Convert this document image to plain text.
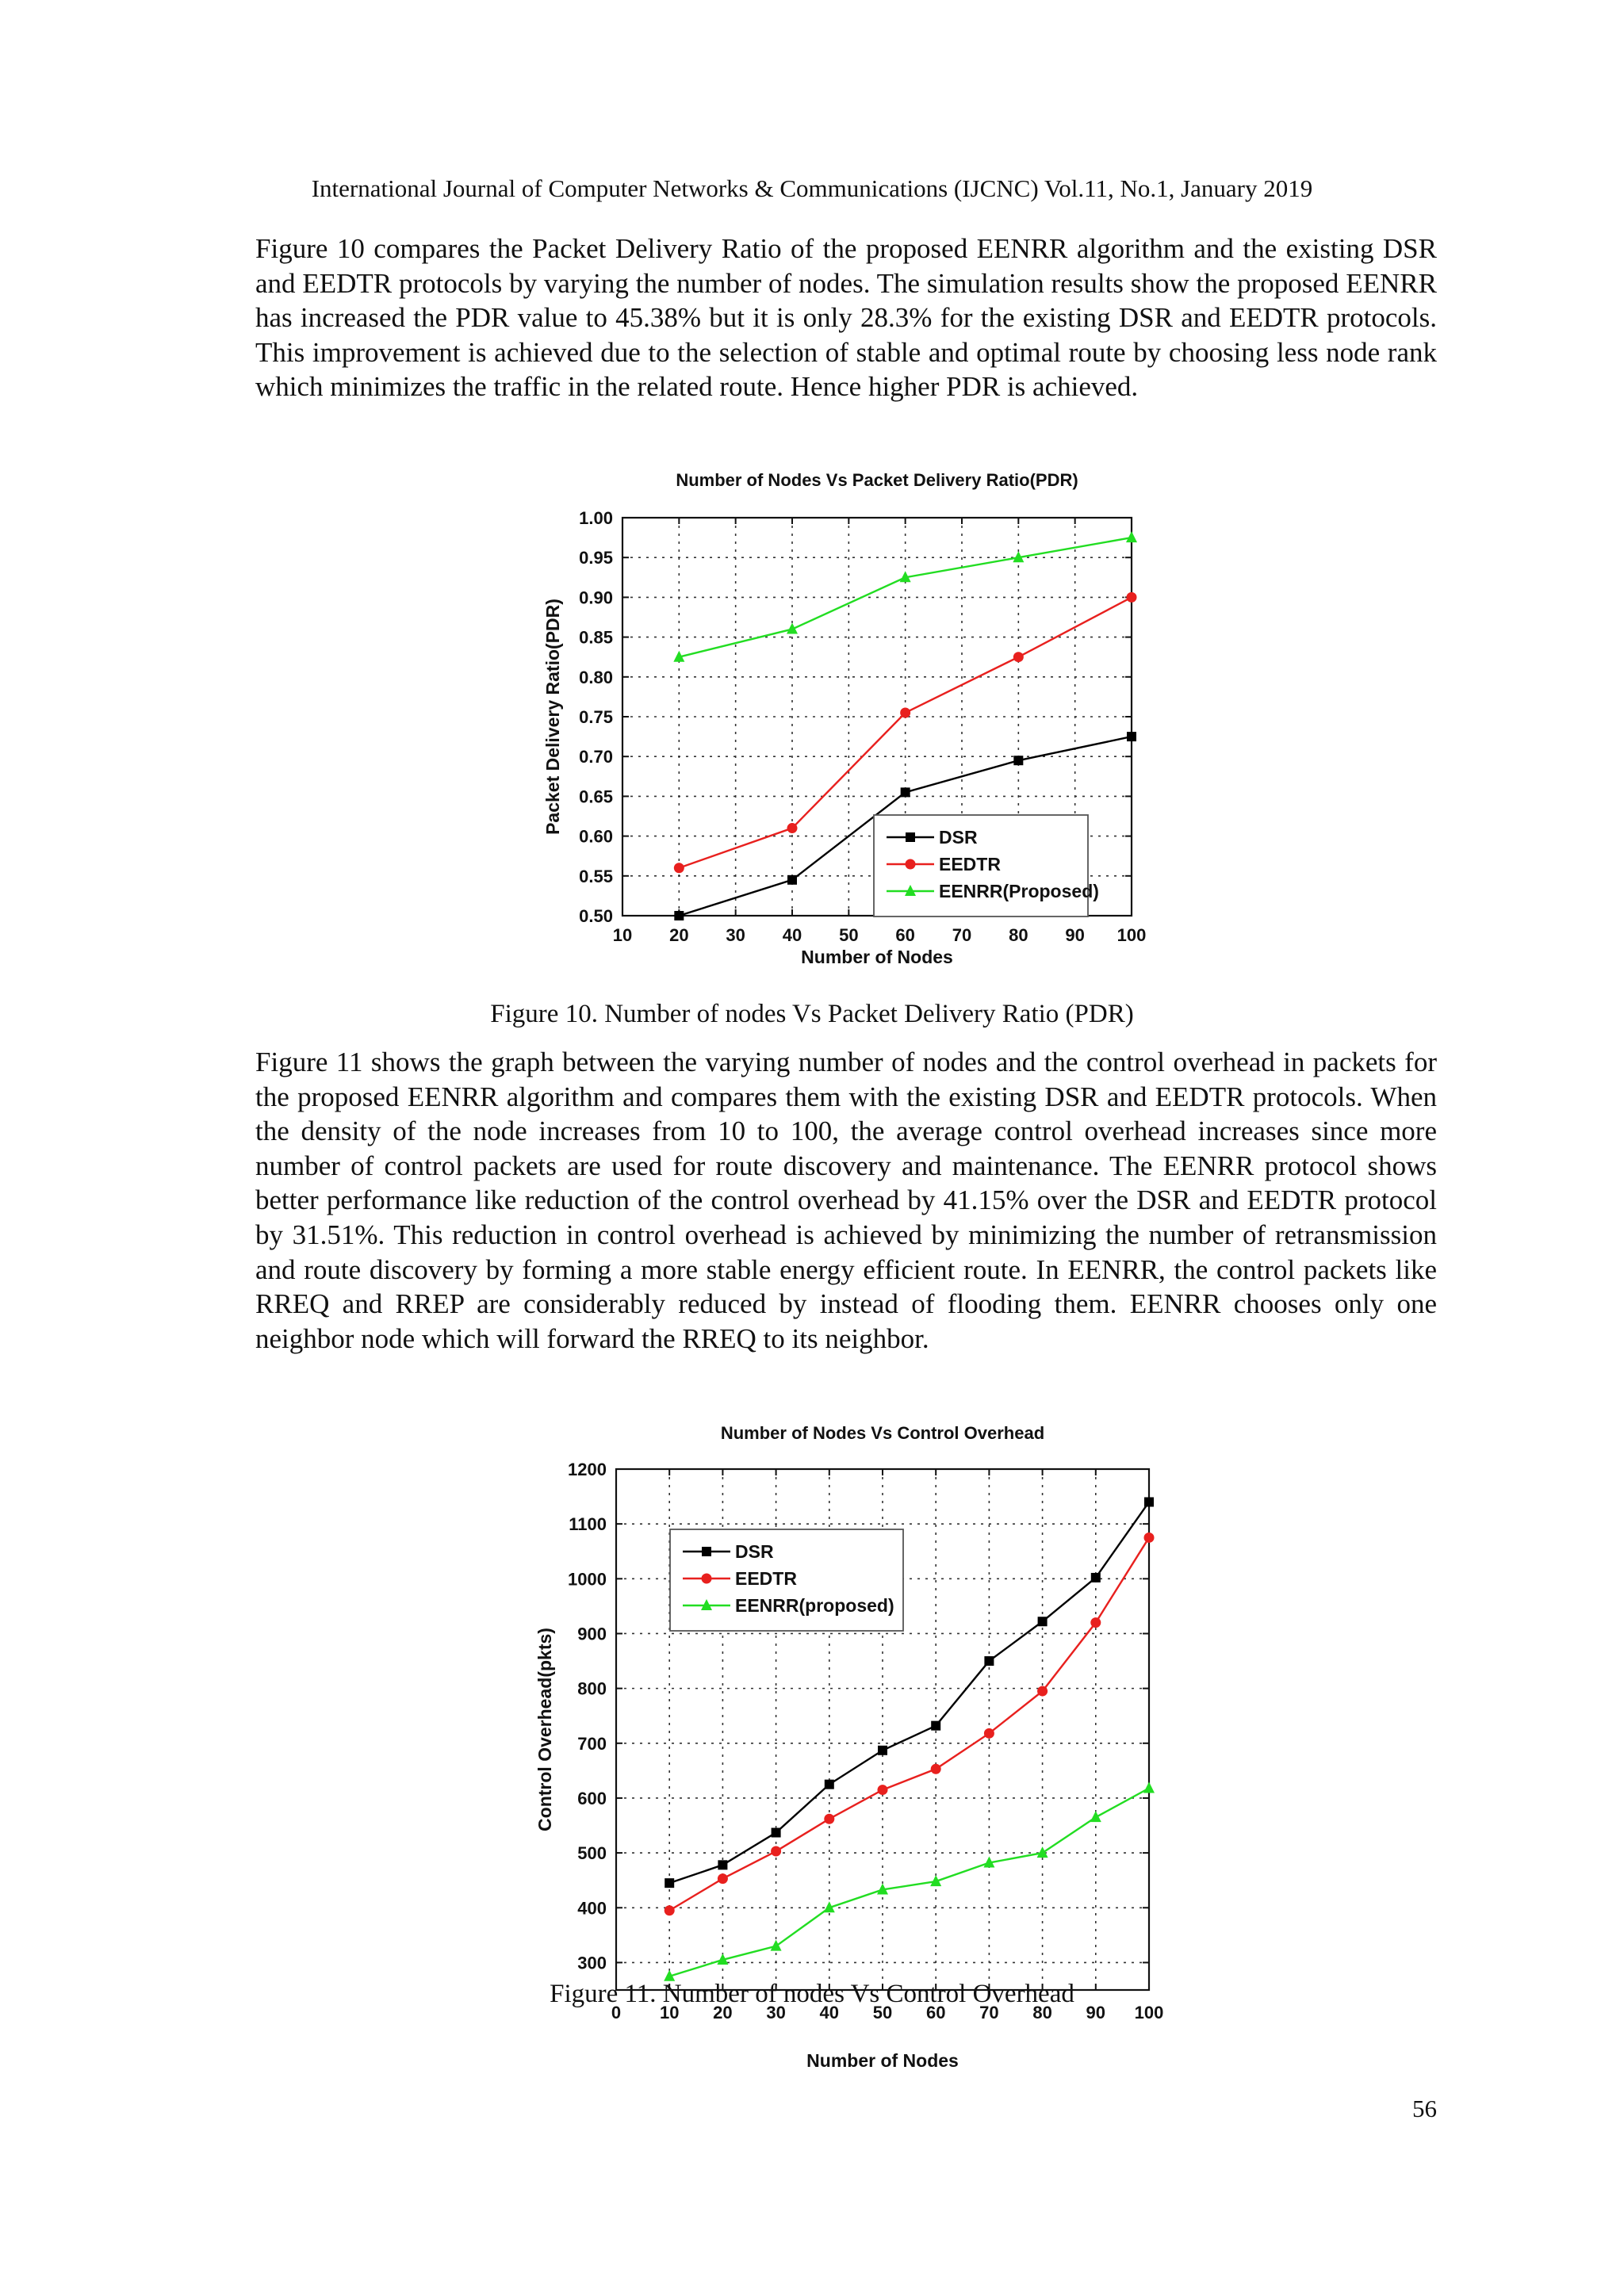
International Journal of Computer Networks & Communications (IJCNC) Vol.11, No.1, January 2019

Figure 10 compares the Packet Delivery Ratio of the proposed EENRR algorithm and the existing DSR and EEDTR protocols by varying the number of nodes. The simulation results show the proposed EENRR has increased the PDR value to 45.38% but it is only 28.3% for the existing DSR and EEDTR protocols. This improvement is achieved due to the selection of stable and optimal route by choosing less node rank which minimizes the traffic in the related route. Hence higher PDR is achieved.

Number of Nodes Vs Packet Delivery Ratio(PDR)
10 20 30 40 50 60 70 80 90 100
0.50
0.55
0.60
0.65
0.70
0.75
0.80
0.85
0.90
0.95
1.00
Number of Nodes
Packet Delivery Ratio(PDR)
DSR
EEDTR
EENRR(Proposed)
Figure 10. Number of nodes Vs Packet Delivery Ratio (PDR)

Figure 11 shows the graph between the varying number of nodes and the control overhead in packets for the proposed EENRR algorithm and compares them with the existing DSR and EEDTR protocols. When the density of the node increases from 10 to 100, the average control overhead increases since more number of control packets are used for route discovery and maintenance. The EENRR protocol shows better performance like reduction of the control overhead by 41.15% over the DSR and EEDTR protocol by 31.51%. This reduction in control overhead is achieved by minimizing the number of retransmission and route discovery by forming a more stable energy efficient route. In EENRR, the control packets like RREQ and RREP are considerably reduced by instead of flooding them. EENRR chooses only one neighbor node which will forward the RREQ to its neighbor.

Number of Nodes Vs Control Overhead
0 10 20 30 40 50 60 70 80 90 100
300
400
500
600
700
800
900
1000
1100
1200
Number of Nodes
Control Overhead(pkts)
DSR
EEDTR
EENRR(proposed)
Figure 11. Number of nodes Vs Control Overhead
56
